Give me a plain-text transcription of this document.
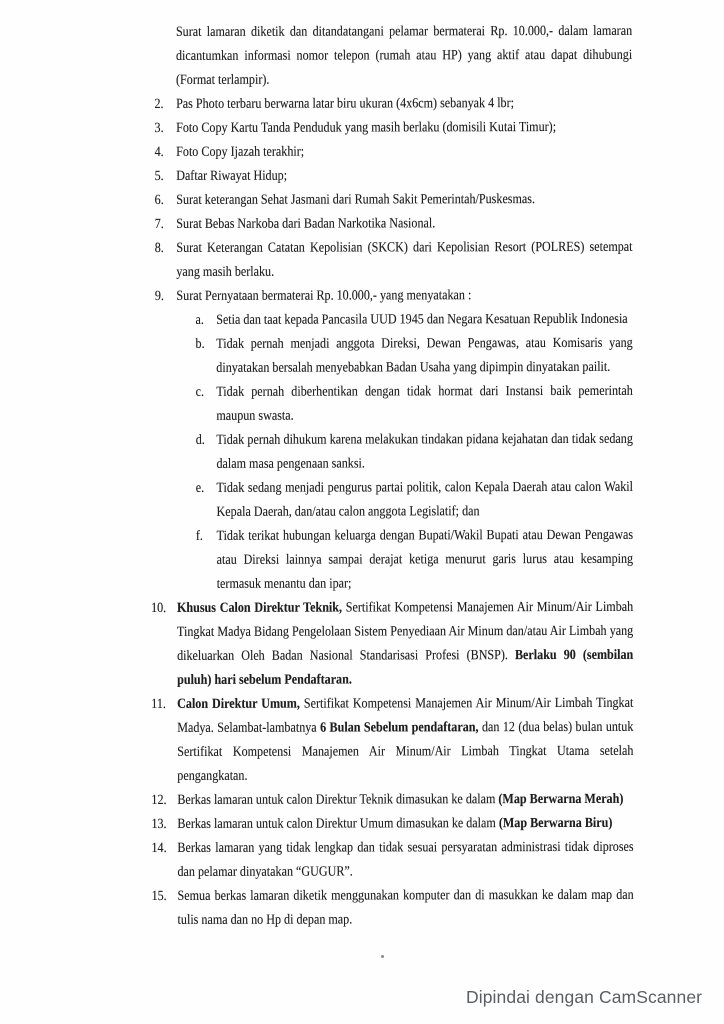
Surat lamaran diketik dan ditandatangani pelamar bermaterai Rp. 10.000,- dalam lamaran dicantumkan informasi nomor telepon (rumah atau HP) yang aktif atau dapat dihubungi (Format terlampir).

2. Pas Photo terbaru berwarna latar biru ukuran (4x6cm) sebanyak 4 lbr;
3. Foto Copy Kartu Tanda Penduduk yang masih berlaku (domisili Kutai Timur);
4. Foto Copy Ijazah terakhir;
5. Daftar Riwayat Hidup;
6. Surat keterangan Sehat Jasmani dari Rumah Sakit Pemerintah/Puskesmas.
7. Surat Bebas Narkoba dari Badan Narkotika Nasional.
8. Surat Keterangan Catatan Kepolisian (SKCK) dari Kepolisian Resort (POLRES) setempat yang masih berlaku.
9. Surat Pernyataan bermaterai Rp. 10.000,- yang menyatakan :
a. Setia dan taat kepada Pancasila UUD 1945 dan Negara Kesatuan Republik Indonesia
b. Tidak pernah menjadi anggota Direksi, Dewan Pengawas, atau Komisaris yang dinyatakan bersalah menyebabkan Badan Usaha yang dipimpin dinyatakan pailit.
c. Tidak pernah diberhentikan dengan tidak hormat dari Instansi baik pemerintah maupun swasta.
d. Tidak pernah dihukum karena melakukan tindakan pidana kejahatan dan tidak sedang dalam masa pengenaan sanksi.
e. Tidak sedang menjadi pengurus partai politik, calon Kepala Daerah atau calon Wakil Kepala Daerah, dan/atau calon anggota Legislatif; dan
f. Tidak terikat hubungan keluarga dengan Bupati/Wakil Bupati atau Dewan Pengawas atau Direksi lainnya sampai derajat ketiga menurut garis lurus atau kesamping termasuk menantu dan ipar;
10. Khusus Calon Direktur Teknik, Sertifikat Kompetensi Manajemen Air Minum/Air Limbah Tingkat Madya Bidang Pengelolaan Sistem Penyediaan Air Minum dan/atau Air Limbah yang dikeluarkan Oleh Badan Nasional Standarisasi Profesi (BNSP). Berlaku 90 (sembilan puluh) hari sebelum Pendaftaran.
11. Calon Direktur Umum, Sertifikat Kompetensi Manajemen Air Minum/Air Limbah Tingkat Madya. Selambat-lambatnya 6 Bulan Sebelum pendaftaran, dan 12 (dua belas) bulan untuk Sertifikat Kompetensi Manajemen Air Minum/Air Limbah Tingkat Utama setelah pengangkatan.
12. Berkas lamaran untuk calon Direktur Teknik dimasukan ke dalam (Map Berwarna Merah)
13. Berkas lamaran untuk calon Direktur Umum dimasukan ke dalam (Map Berwarna Biru)
14. Berkas lamaran yang tidak lengkap dan tidak sesuai persyaratan administrasi tidak diproses dan pelamar dinyatakan “GUGUR”.
15. Semua berkas lamaran diketik menggunakan komputer dan di masukkan ke dalam map dan tulis nama dan no Hp di depan map.
Dipindai dengan CamScanner
